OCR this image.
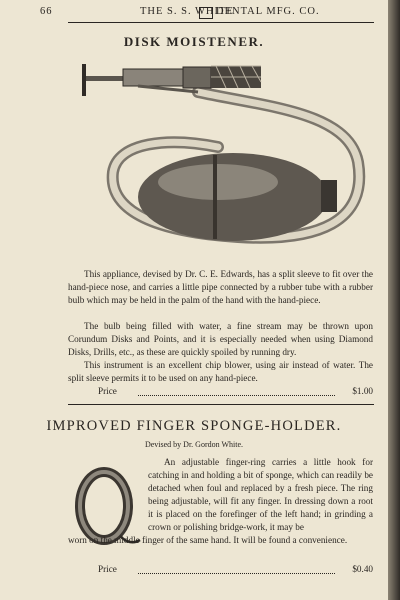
66	THE S. S. WHITE
DENTAL MFG. CO.
DISK MOISTENER.
This appliance, devised by Dr. C. E. Edwards, has a split sleeve to fit over the hand-piece nose, and carries a little pipe connected by a rubber tube with a rubber bulb which may be held in the palm of the hand with the hand-piece.
The bulb being filled with water, a fine stream may be thrown upon Corundum Disks and Points, and it is especially needed when using Diamond Disks, Drills, etc., as these are quickly spoiled by running dry.
This instrument is an excellent chip blower, using air instead of water. The split sleeve permits it to be used on any hand-piece.
Price	$1.00
IMPROVED FINGER SPONGE-HOLDER.
Devised by Dr. Gordon White.
An adjustable finger-ring carries a little hook for catching in and holding a bit of sponge, which can readily be detached when foul and replaced by a fresh piece. The ring being adjustable, will fit any finger. In dressing down a root it is placed on the forefinger of the left hand; in grinding a crown or polishing bridge-work, it may be
worn on the middle finger of the same hand. It will be found a convenience.
Price	$0.40
